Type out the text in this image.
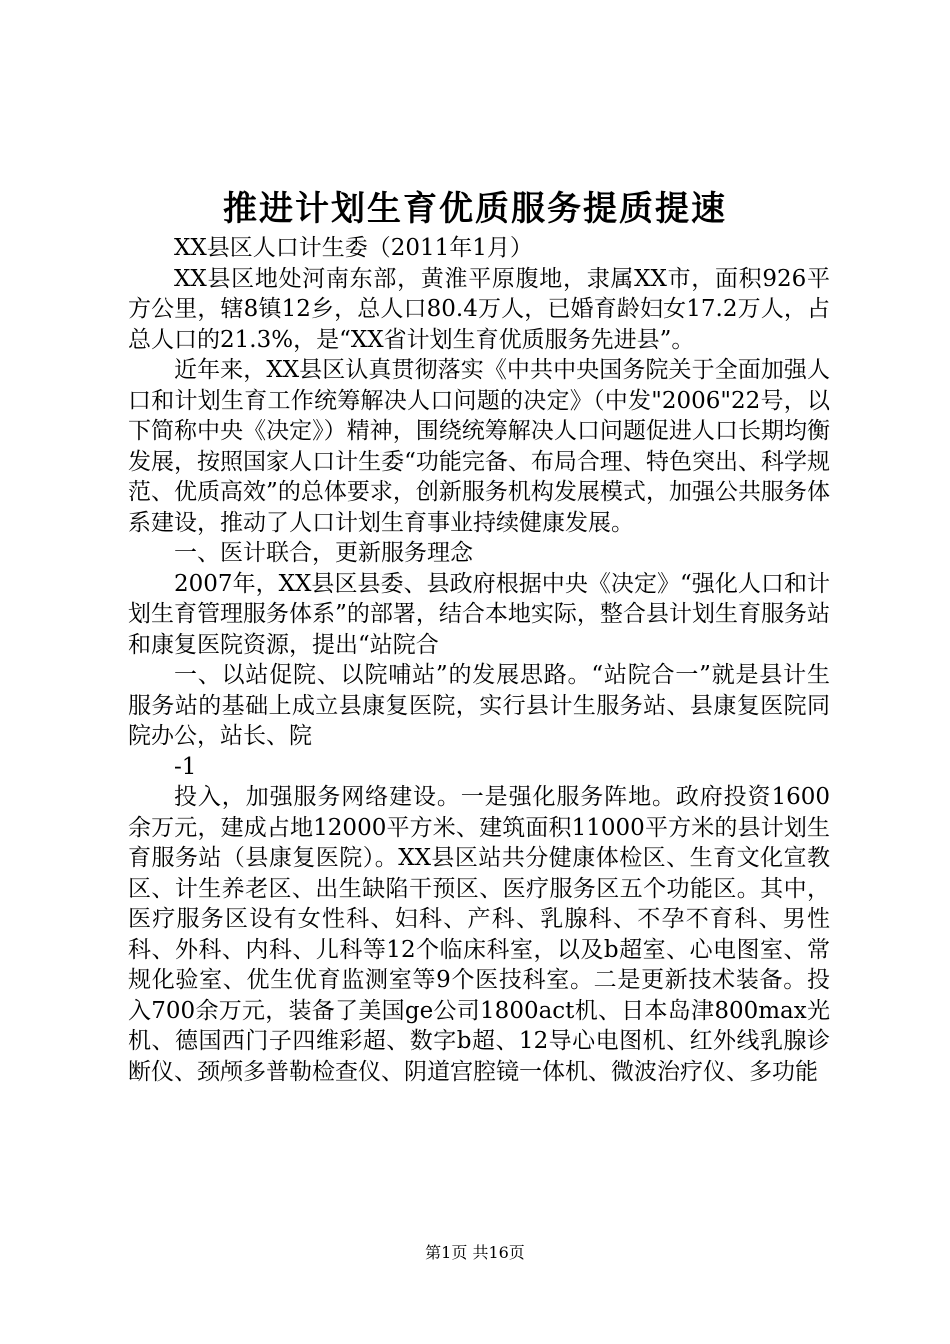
推进计划生育优质服务提质提速

XX县区人口计生委（2011年1月）

XX县区地处河南东部，黄淮平原腹地，隶属XX市，面积926平方公里，辖8镇12乡，总人口80.4万人，已婚育龄妇女17.2万人，占总人口的21.3%，是“XX省计划生育优质服务先进县”。

近年来，XX县区认真贯彻落实《中共中央国务院关于全面加强人口和计划生育工作统筹解决人口问题的决定》（中发"2006"22号，以下简称中央《决定》）精神，围绕统筹解决人口问题促进人口长期均衡发展，按照国家人口计生委“功能完备、布局合理、特色突出、科学规范、优质高效”的总体要求，创新服务机构发展模式，加强公共服务体系建设，推动了人口计划生育事业持续健康发展。

一、医计联合，更新服务理念

2007年，XX县区县委、县政府根据中央《决定》“强化人口和计划生育管理服务体系”的部署，结合本地实际，整合县计划生育服务站和康复医院资源，提出“站院合

一、以站促院、以院哺站”的发展思路。“站院合一”就是县计生服务站的基础上成立县康复医院，实行县计生服务站、县康复医院同院办公，站长、院

-1

投入，加强服务网络建设。一是强化服务阵地。政府投资1600余万元，建成占地12000平方米、建筑面积11000平方米的县计划生育服务站（县康复医院）。XX县区站共分健康体检区、生育文化宣教区、计生养老区、出生缺陷干预区、医疗服务区五个功能区。其中，医疗服务区设有女性科、妇科、产科、乳腺科、不孕不育科、男性科、外科、内科、儿科等12个临床科室，以及b超室、心电图室、常规化验室、优生优育监测室等9个医技科室。二是更新技术装备。投入700余万元，装备了美国ge公司1800act机、日本岛津800max光机、德国西门子四维彩超、数字b超、12导心电图机、红外线乳腺诊断仪、颈颅多普勒检查仪、阴道宫腔镜一体机、微波治疗仪、多功能

第1页 共16页
